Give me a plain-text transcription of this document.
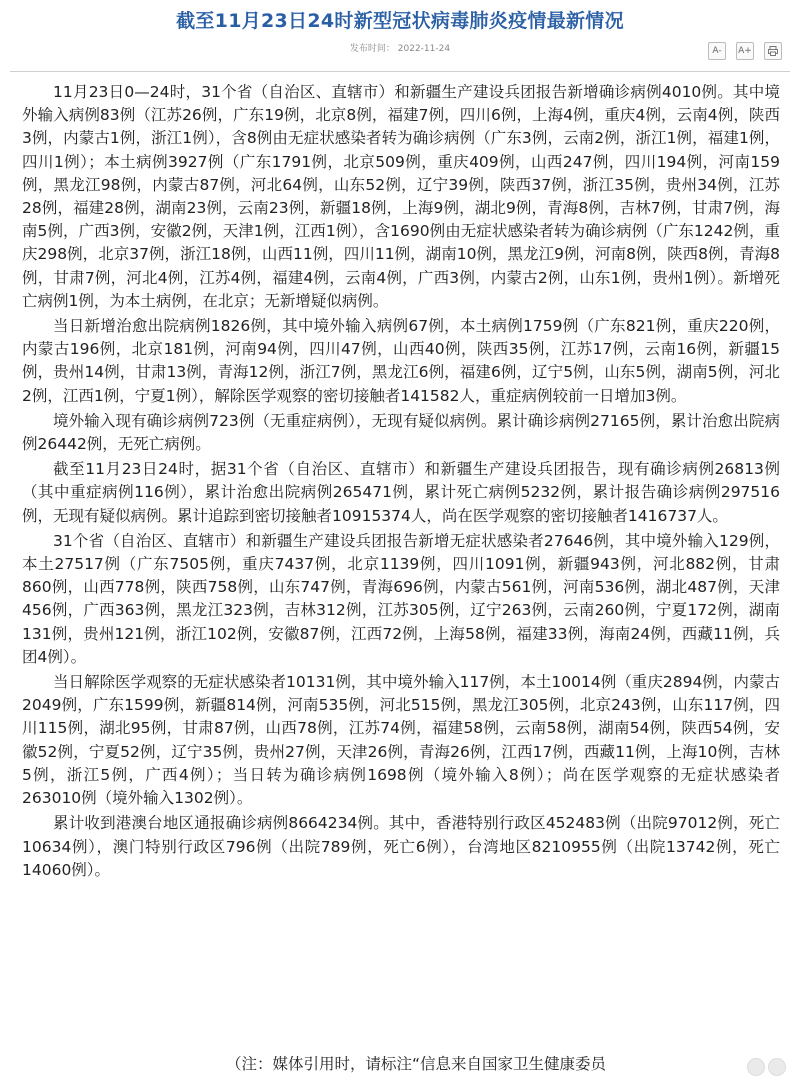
截至11月23日24时新型冠状病毒肺炎疫情最新情况
发布时间： 2022-11-24	A-	A+

11月23日0—24时，31个省（自治区、直辖市）和新疆生产建设兵团报告新增确诊病例4010例。其中境外输入病例83例（江苏26例，广东19例，北京8例，福建7例，四川6例，上海4例，重庆4例，云南4例，陕西3例，内蒙古1例，浙江1例），含8例由无症状感染者转为确诊病例（广东3例，云南2例，浙江1例，福建1例，四川1例）；本土病例3927例（广东1791例，北京509例，重庆409例，山西247例，四川194例，河南159例，黑龙江98例，内蒙古87例，河北64例，山东52例，辽宁39例，陕西37例，浙江35例，贵州34例，江苏28例，福建28例，湖南23例，云南23例，新疆18例，上海9例，湖北9例，青海8例，吉林7例，甘肃7例，海南5例，广西3例，安徽2例，天津1例，江西1例），含1690例由无症状感染者转为确诊病例（广东1242例，重庆298例，北京37例，浙江18例，山西11例，四川11例，湖南10例，黑龙江9例，河南8例，陕西8例，青海8例，甘肃7例，河北4例，江苏4例，福建4例，云南4例，广西3例，内蒙古2例，山东1例，贵州1例）。新增死亡病例1例，为本土病例，在北京；无新增疑似病例。

当日新增治愈出院病例1826例，其中境外输入病例67例，本土病例1759例（广东821例，重庆220例，内蒙古196例，北京181例，河南94例，四川47例，山西40例，陕西35例，江苏17例，云南16例，新疆15例，贵州14例，甘肃13例，青海12例，浙江7例，黑龙江6例，福建6例，辽宁5例，山东5例，湖南5例，河北2例，江西1例，宁夏1例），解除医学观察的密切接触者141582人，重症病例较前一日增加3例。

境外输入现有确诊病例723例（无重症病例），无现有疑似病例。累计确诊病例27165例，累计治愈出院病例26442例，无死亡病例。

截至11月23日24时，据31个省（自治区、直辖市）和新疆生产建设兵团报告，现有确诊病例26813例（其中重症病例116例），累计治愈出院病例265471例，累计死亡病例5232例，累计报告确诊病例297516例，无现有疑似病例。累计追踪到密切接触者10915374人，尚在医学观察的密切接触者1416737人。

31个省（自治区、直辖市）和新疆生产建设兵团报告新增无症状感染者27646例，其中境外输入129例，本土27517例（广东7505例，重庆7437例，北京1139例，四川1091例，新疆943例，河北882例，甘肃860例，山西778例，陕西758例，山东747例，青海696例，内蒙古561例，河南536例，湖北487例，天津456例，广西363例，黑龙江323例，吉林312例，江苏305例，辽宁263例，云南260例，宁夏172例，湖南131例，贵州121例，浙江102例，安徽87例，江西72例，上海58例，福建33例，海南24例，西藏11例，兵团4例）。

当日解除医学观察的无症状感染者10131例，其中境外输入117例，本土10014例（重庆2894例，内蒙古2049例，广东1599例，新疆814例，河南535例，河北515例，黑龙江305例，北京243例，山东117例，四川115例，湖北95例，甘肃87例，山西78例，江苏74例，福建58例，云南58例，湖南54例，陕西54例，安徽52例，宁夏52例，辽宁35例，贵州27例，天津26例，青海26例，江西17例，西藏11例，上海10例，吉林5例，浙江5例，广西4例）；当日转为确诊病例1698例（境外输入8例）；尚在医学观察的无症状感染者263010例（境外输入1302例）。

累计收到港澳台地区通报确诊病例8664234例。其中，香港特别行政区452483例（出院97012例，死亡10634例），澳门特别行政区796例（出院789例，死亡6例），台湾地区8210955例（出院13742例，死亡14060例）。

（注：媒体引用时，请标注“信息来自国家卫生健康委员
